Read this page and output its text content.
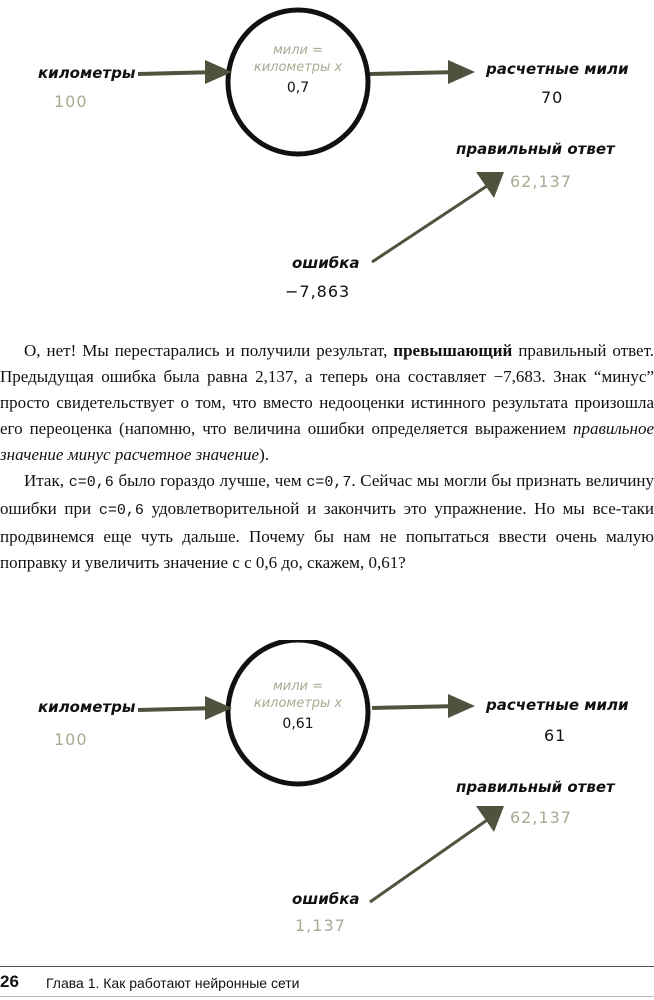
километры
100
мили =
километры x
0,7
расчетные мили
70
правильный ответ
62,137
ошибка
−7,863

О, нет! Мы перестарались и получили результат, превышающий правильный ответ. Предыдущая ошибка была равна 2,137, а теперь она составляет −7,683. Знак “минус” просто свидетельствует о том, что вместо недооценки истинного результата произошла его переоценка (напомню, что величина ошибки определяется выражением правильное значение минус расчетное значение).

Итак, c=0,6 было гораздо лучше, чем c=0,7. Сейчас мы могли бы признать величину ошибки при c=0,6 удовлетворительной и закончить это упражнение. Но мы все-таки продвинемся еще чуть дальше. Почему бы нам не попытаться ввести очень малую поправку и увеличить значение c с 0,6 до, скажем, 0,61?

километры
100
мили =
километры x
0,61
расчетные мили
61
правильный ответ
62,137
ошибка
1,137
26 Глава 1. Как работают нейронные сети
